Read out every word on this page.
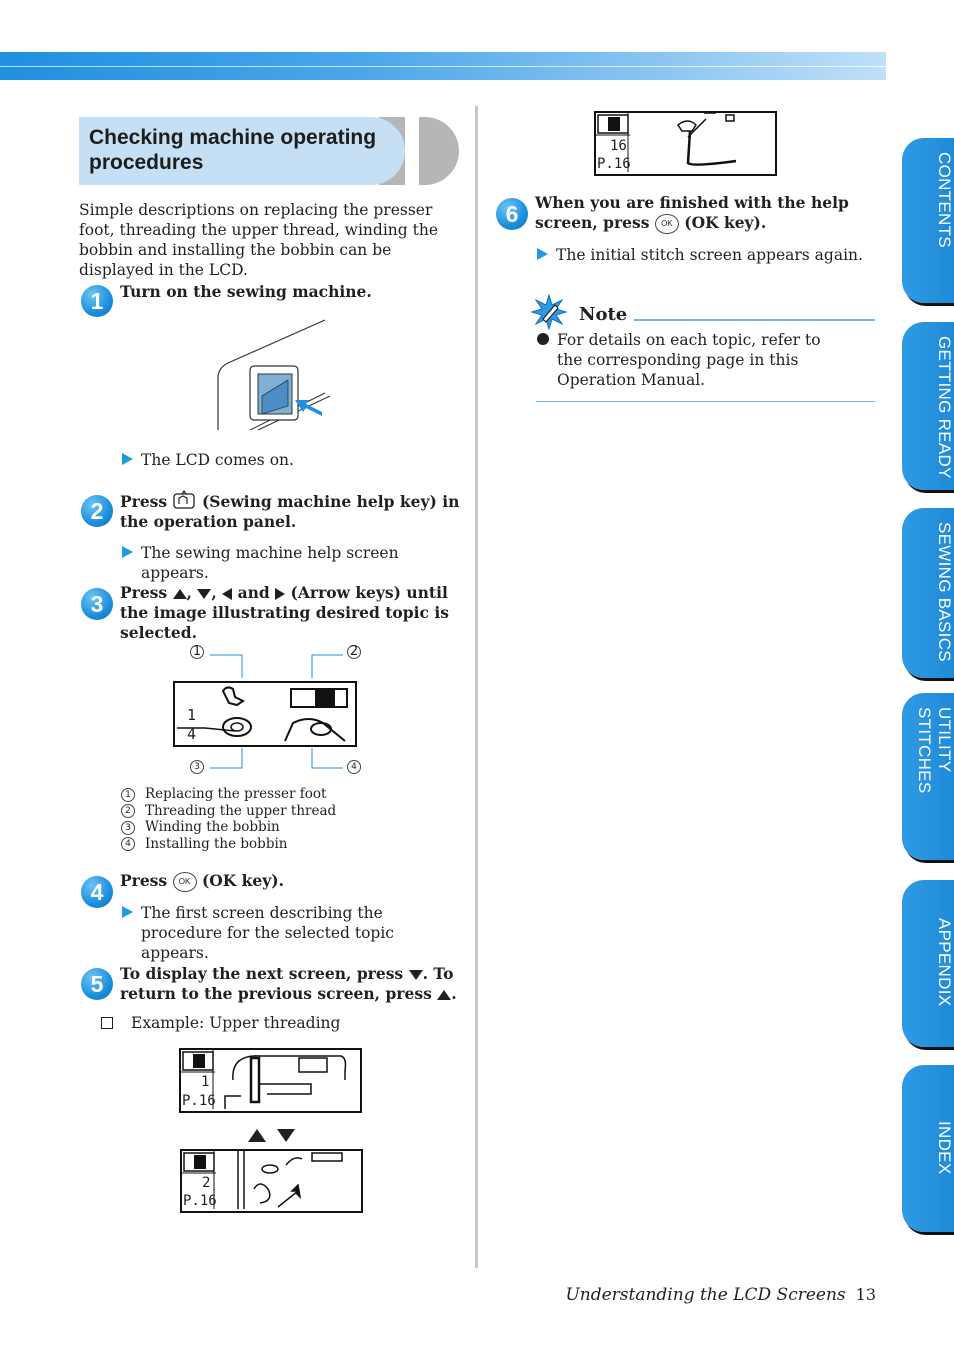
Checking machine operating procedures
Simple descriptions on replacing the presser foot, threading the upper thread, winding the bobbin and installing the bobbin can be displayed in the LCD.
1	Turn on the sewing machine.
The LCD comes on.
2	Press (Sewing machine help key) in the operation panel.
The sewing machine help screen appears.
3	Press , , and (Arrow keys) until the image illustrating desired topic is selected.
1	2
3	4
1
4
1 Replacing the presser foot
2 Threading the upper thread
3 Winding the bobbin
4 Installing the bobbin
4	Press OK (OK key).
The first screen describing the procedure for the selected topic appears.
5	To display the next screen, press . To return to the previous screen, press .
Example: Upper threading
1
P.16

2
P.16
16
P.16
6	When you are finished with the help screen, press OK (OK key).
The initial stitch screen appears again.
Note
For details on each topic, refer to the corresponding page in this Operation Manual.
CONTENTS
GETTING READY
SEWING BASICS
UTILITY STITCHES
APPENDIX
INDEX
Understanding the LCD Screens 13
